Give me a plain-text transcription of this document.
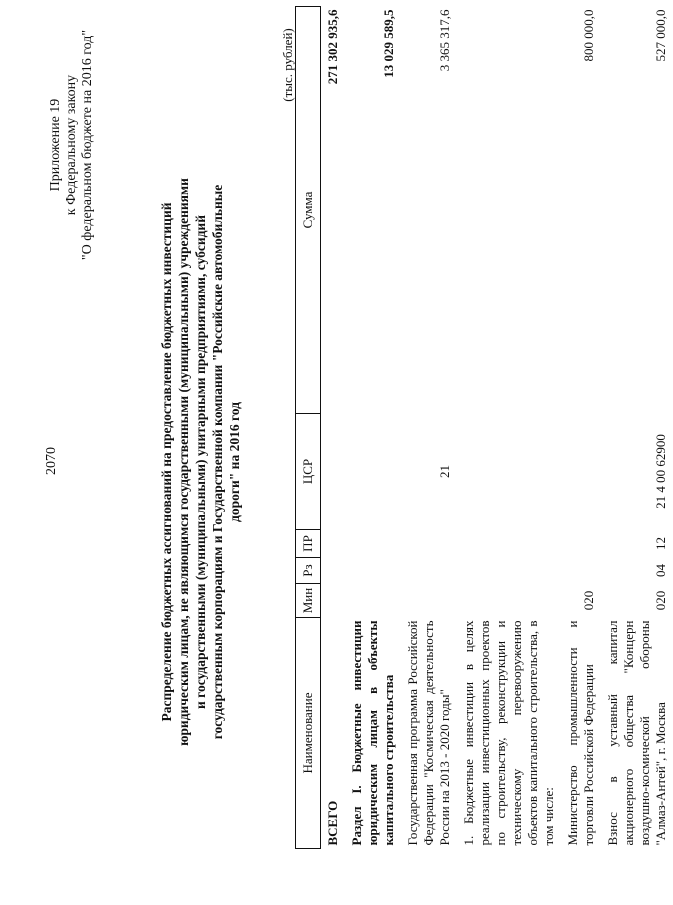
2070
Приложение 19 к Федеральному закону "О федеральном бюджете на 2016 год"
Распределение бюджетных ассигнований на предоставление бюджетных инвестиций юридическим лицам, не являющимся государственными (муниципальными) учреждениями и государственными (муниципальными) унитарными предприятиями, субсидий государственным корпорациям и Государственной компании "Российские автомобильные дороги" на 2016 год
(тыс. рублей)
Наименование	Мин	Рз	ПР	ЦСР	Сумма
ВСЕГО					271 302 935,6
Раздел I. Бюджетные инвестиции юридическим лицам в объекты капитального строительства					13 029 589,5
Государственная программа Российской Федерации "Космическая деятельность России на 2013 - 2020 годы"				21	3 365 317,6
1. Бюджетные инвестиции в целях реализации инвестиционных проектов по строительству, реконструкции и техническому перевооружению объектов капитального строительства, в том числе:					
Министерство промышленности и торговли Российской Федерации	020				800 000,0
Взнос в уставный капитал акционерного общества "Концерн воздушно-космической обороны "Алмаз-Антей", г. Москва	020	04	12	21 4 00 62900	527 000,0
